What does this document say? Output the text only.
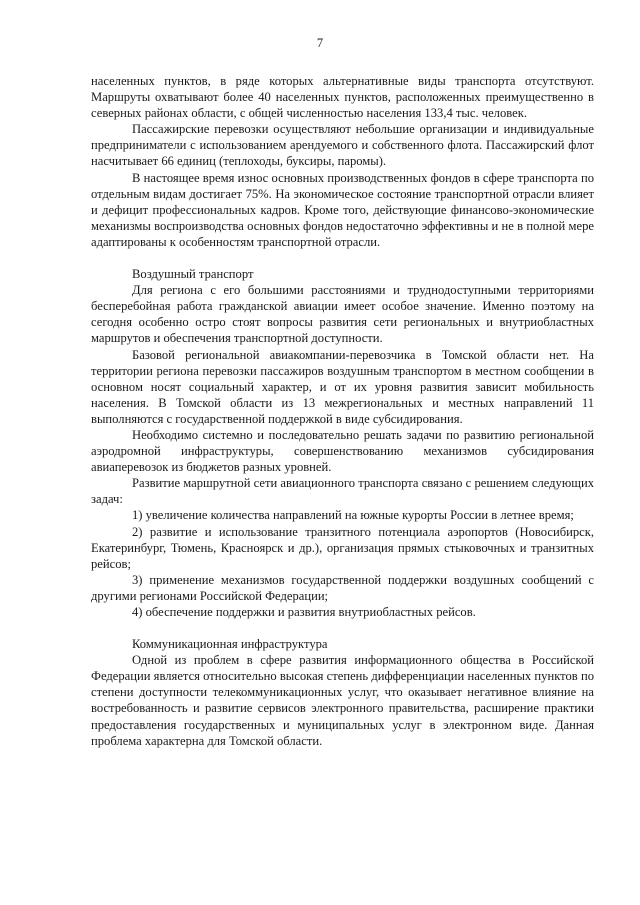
7

населенных пунктов, в ряде которых альтернативные виды транспорта отсутствуют. Маршруты охватывают более 40 населенных пунктов, расположенных преимущественно в северных районах области, с общей численностью населения 133,4 тыс. человек.

Пассажирские перевозки осуществляют небольшие организации и индивидуальные предприниматели с использованием арендуемого и собственного флота. Пассажирский флот насчитывает 66 единиц (теплоходы, буксиры, паромы).

В настоящее время износ основных производственных фондов в сфере транспорта по отдельным видам достигает 75%. На экономическое состояние транспортной отрасли влияет и дефицит профессиональных кадров. Кроме того, действующие финансово-экономические механизмы воспроизводства основных фондов недостаточно эффективны и не в полной мере адаптированы к особенностям транспортной отрасли.

Воздушный транспорт

Для региона с его большими расстояниями и труднодоступными территориями бесперебойная работа гражданской авиации имеет особое значение. Именно поэтому на сегодня особенно остро стоят вопросы развития сети региональных и внутриобластных маршрутов и обеспечения транспортной доступности.

Базовой региональной авиакомпании-перевозчика в Томской области нет. На территории региона перевозки пассажиров воздушным транспортом в местном сообщении в основном носят социальный характер, и от их уровня развития зависит мобильность населения. В Томской области из 13 межрегиональных и местных направлений 11 выполняются с государственной поддержкой в виде субсидирования.

Необходимо системно и последовательно решать задачи по развитию региональной аэродромной инфраструктуры, совершенствованию механизмов субсидирования авиаперевозок из бюджетов разных уровней.

Развитие маршрутной сети авиационного транспорта связано с решением следующих задач:

1) увеличение количества направлений на южные курорты России в летнее время;

2) развитие и использование транзитного потенциала аэропортов (Новосибирск, Екатеринбург, Тюмень, Красноярск и др.), организация прямых стыковочных и транзитных рейсов;

3) применение механизмов государственной поддержки воздушных сообщений с другими регионами Российской Федерации;

4) обеспечение поддержки и развития внутриобластных рейсов.

Коммуникационная инфраструктура

Одной из проблем в сфере развития информационного общества в Российской Федерации является относительно высокая степень дифференциации населенных пунктов по степени доступности телекоммуникационных услуг, что оказывает негативное влияние на востребованность и развитие сервисов электронного правительства, расширение практики предоставления государственных и муниципальных услуг в электронном виде. Данная проблема характерна для Томской области.
